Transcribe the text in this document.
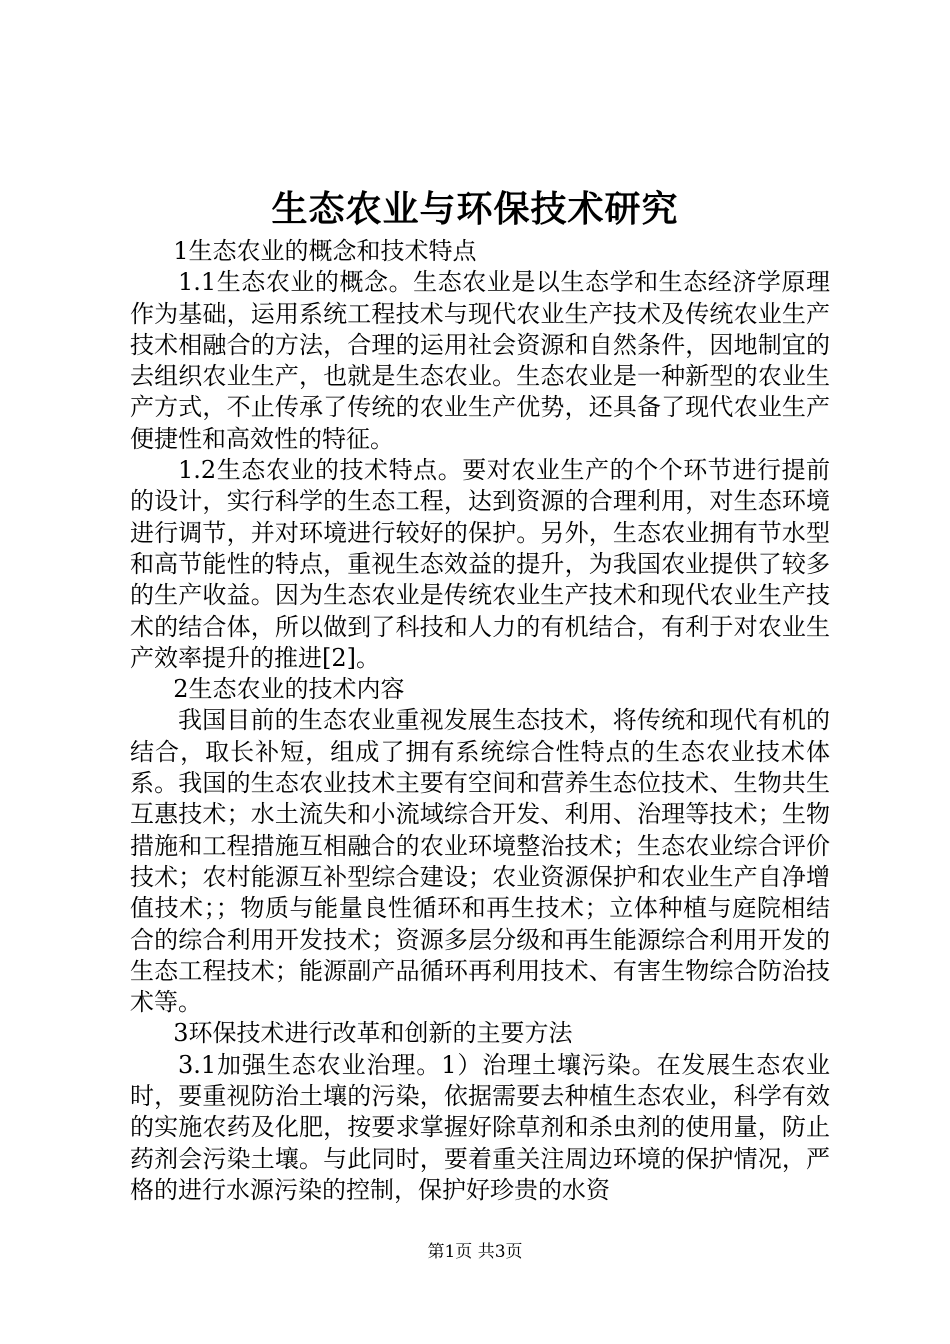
生态农业与环保技术研究

1生态农业的概念和技术特点

1.1生态农业的概念。生态农业是以生态学和生态经济学原理作为基础，运用系统工程技术与现代农业生产技术及传统农业生产技术相融合的方法，合理的运用社会资源和自然条件，因地制宜的去组织农业生产，也就是生态农业。生态农业是一种新型的农业生产方式，不止传承了传统的农业生产优势，还具备了现代农业生产便捷性和高效性的特征。

1.2生态农业的技术特点。要对农业生产的个个环节进行提前的设计，实行科学的生态工程，达到资源的合理利用，对生态环境进行调节，并对环境进行较好的保护。另外，生态农业拥有节水型和高节能性的特点，重视生态效益的提升，为我国农业提供了较多的生产收益。因为生态农业是传统农业生产技术和现代农业生产技术的结合体，所以做到了科技和人力的有机结合，有利于对农业生产效率提升的推进[2]。

2生态农业的技术内容

我国目前的生态农业重视发展生态技术，将传统和现代有机的结合，取长补短，组成了拥有系统综合性特点的生态农业技术体系。我国的生态农业技术主要有空间和营养生态位技术、生物共生互惠技术；水土流失和小流域综合开发、利用、治理等技术；生物措施和工程措施互相融合的农业环境整治技术；生态农业综合评价技术；农村能源互补型综合建设；农业资源保护和农业生产自净增值技术；；物质与能量良性循环和再生技术；立体种植与庭院相结合的综合利用开发技术；资源多层分级和再生能源综合利用开发的生态工程技术；能源副产品循环再利用技术、有害生物综合防治技术等。

3环保技术进行改革和创新的主要方法

3.1加强生态农业治理。1）治理土壤污染。在发展生态农业时，要重视防治土壤的污染，依据需要去种植生态农业，科学有效的实施农药及化肥，按要求掌握好除草剂和杀虫剂的使用量，防止药剂会污染土壤。与此同时，要着重关注周边环境的保护情况，严格的进行水源污染的控制，保护好珍贵的水资

第1页 共3页
